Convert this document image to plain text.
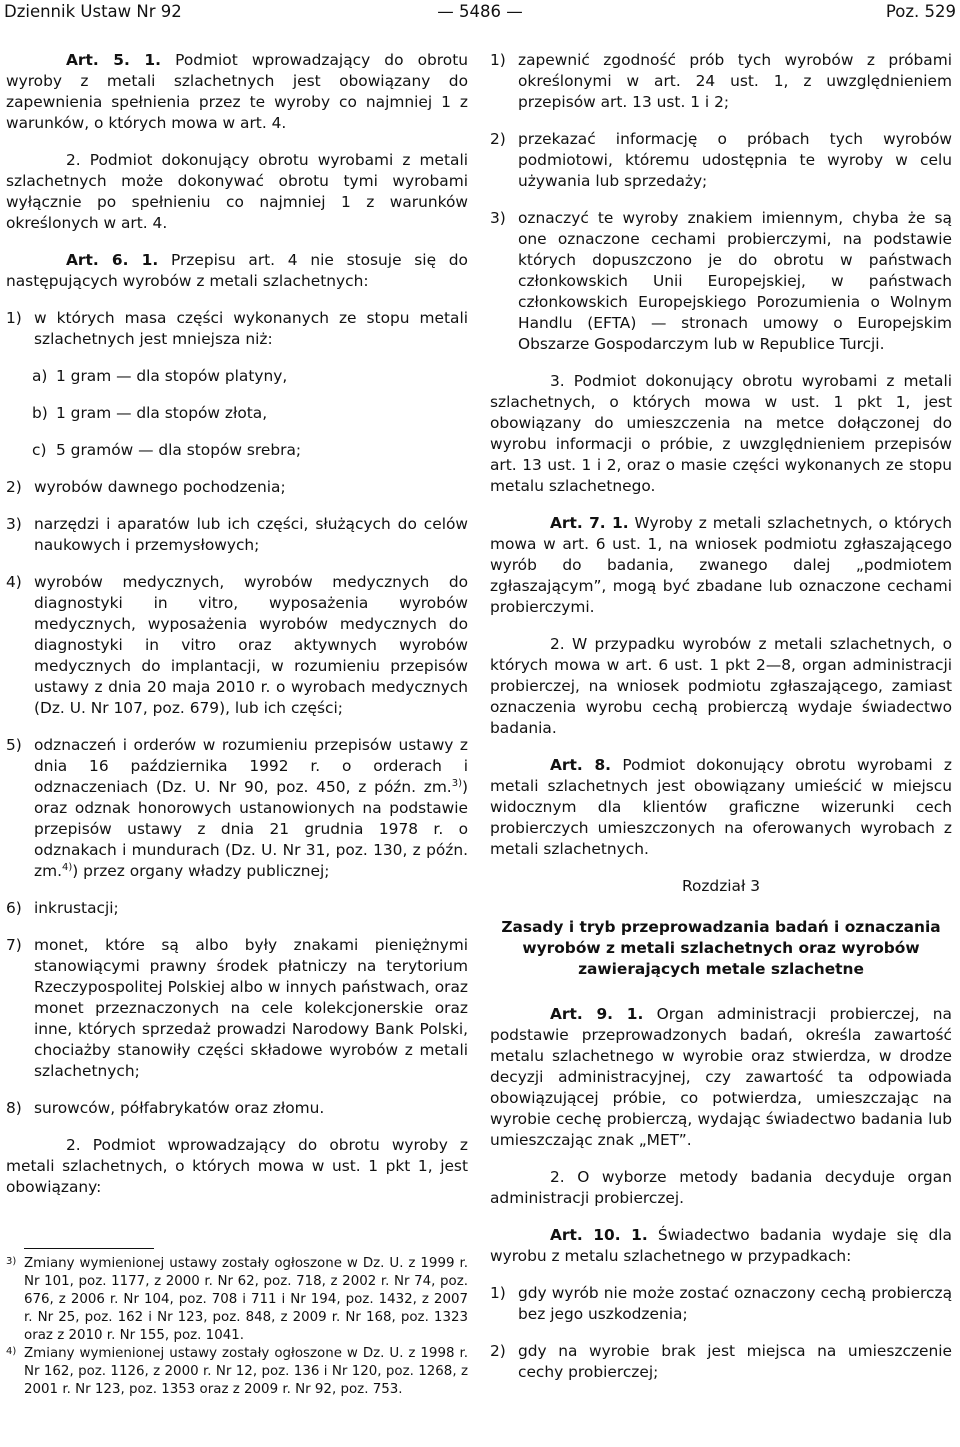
Dziennik Ustaw Nr 92	— 5486 —	Poz. 529

Art. 5. 1. Podmiot wprowadzający do obrotu wyroby z metali szlachetnych jest obowiązany do zapewnienia spełnienia przez te wyroby co najmniej 1 z warunków, o których mowa w art. 4.

2. Podmiot dokonujący obrotu wyrobami z metali szlachetnych może dokonywać obrotu tymi wyrobami wyłącznie po spełnieniu co najmniej 1 z warunków określonych w art. 4.

Art. 6. 1. Przepisu art. 4 nie stosuje się do następujących wyrobów z metali szlachetnych:

1) w których masa części wykonanych ze stopu metali szlachetnych jest mniejsza niż:
a) 1 gram — dla stopów platyny,
b) 1 gram — dla stopów złota,
c) 5 gramów — dla stopów srebra;
2) wyrobów dawnego pochodzenia;
3) narzędzi i aparatów lub ich części, służących do celów naukowych i przemysłowych;
4) wyrobów medycznych, wyrobów medycznych do diagnostyki in vitro, wyposażenia wyrobów medycznych, wyposażenia wyrobów medycznych do diagnostyki in vitro oraz aktywnych wyrobów medycznych do implantacji, w rozumieniu przepisów ustawy z dnia 20 maja 2010 r. o wyrobach medycznych (Dz. U. Nr 107, poz. 679), lub ich części;
5) odznaczeń i orderów w rozumieniu przepisów ustawy z dnia 16 października 1992 r. o orderach i odznaczeniach (Dz. U. Nr 90, poz. 450, z późn. zm.$^{3)}$) oraz odznak honorowych ustanowionych na podstawie przepisów ustawy z dnia 21 grudnia 1978 r. o odznakach i mundurach (Dz. U. Nr 31, poz. 130, z późn. zm.$^{4)}$) przez organy władzy publicznej;
6) inkrustacji;
7) monet, które są albo były znakami pieniężnymi stanowiącymi prawny środek płatniczy na terytorium Rzeczypospolitej Polskiej albo w innych państwach, oraz monet przeznaczonych na cele kolekcjonerskie oraz inne, których sprzedaż prowadzi Narodowy Bank Polski, chociażby stanowiły części składowe wyrobów z metali szlachetnych;
8) surowców, półfabrykatów oraz złomu.

2. Podmiot wprowadzający do obrotu wyroby z metali szlachetnych, o których mowa w ust. 1 pkt 1, jest obowiązany:

3) Zmiany wymienionej ustawy zostały ogłoszone w Dz. U. z 1999 r. Nr 101, poz. 1177, z 2000 r. Nr 62, poz. 718, z 2002 r. Nr 74, poz. 676, z 2006 r. Nr 104, poz. 708 i 711 i Nr 194, poz. 1432, z 2007 r. Nr 25, poz. 162 i Nr 123, poz. 848, z 2009 r. Nr 168, poz. 1323 oraz z 2010 r. Nr 155, poz. 1041.
4) Zmiany wymienionej ustawy zostały ogłoszone w Dz. U. z 1998 r. Nr 162, poz. 1126, z 2000 r. Nr 12, poz. 136 i Nr 120, poz. 1268, z 2001 r. Nr 123, poz. 1353 oraz z 2009 r. Nr 92, poz. 753.
1) zapewnić zgodność prób tych wyrobów z próbami określonymi w art. 24 ust. 1, z uwzględnieniem przepisów art. 13 ust. 1 i 2;
2) przekazać informację o próbach tych wyrobów podmiotowi, któremu udostępnia te wyroby w celu używania lub sprzedaży;
3) oznaczyć te wyroby znakiem imiennym, chyba że są one oznaczone cechami probierczymi, na podstawie których dopuszczono je do obrotu w państwach członkowskich Unii Europejskiej, w państwach członkowskich Europejskiego Porozumienia o Wolnym Handlu (EFTA) — stronach umowy o Europejskim Obszarze Gospodarczym lub w Republice Turcji.

3. Podmiot dokonujący obrotu wyrobami z metali szlachetnych, o których mowa w ust. 1 pkt 1, jest obowiązany do umieszczenia na metce dołączonej do wyrobu informacji o próbie, z uwzględnieniem przepisów art. 13 ust. 1 i 2, oraz o masie części wykonanych ze stopu metalu szlachetnego.

Art. 7. 1. Wyroby z metali szlachetnych, o których mowa w art. 6 ust. 1, na wniosek podmiotu zgłaszającego wyrób do badania, zwanego dalej „podmiotem zgłaszającym”, mogą być zbadane lub oznaczone cechami probierczymi.

2. W przypadku wyrobów z metali szlachetnych, o których mowa w art. 6 ust. 1 pkt 2—8, organ administracji probierczej, na wniosek podmiotu zgłaszającego, zamiast oznaczenia wyrobu cechą probierczą wydaje świadectwo badania.

Art. 8. Podmiot dokonujący obrotu wyrobami z metali szlachetnych jest obowiązany umieścić w miejscu widocznym dla klientów graficzne wizerunki cech probierczych umieszczonych na oferowanych wyrobach z metali szlachetnych.

Rozdział 3
Zasady i tryb przeprowadzania badań i oznaczania wyrobów z metali szlachetnych oraz wyrobów zawierających metale szlachetne

Art. 9. 1. Organ administracji probierczej, na podstawie przeprowadzonych badań, określa zawartość metalu szlachetnego w wyrobie oraz stwierdza, w drodze decyzji administracyjnej, czy zawartość ta odpowiada obowiązującej próbie, co potwierdza, umieszczając na wyrobie cechę probierczą, wydając świadectwo badania lub umieszczając znak „MET”.

2. O wyborze metody badania decyduje organ administracji probierczej.

Art. 10. 1. Świadectwo badania wydaje się dla wyrobu z metalu szlachetnego w przypadkach:

1) gdy wyrób nie może zostać oznaczony cechą probierczą bez jego uszkodzenia;
2) gdy na wyrobie brak jest miejsca na umieszczenie cechy probierczej;
